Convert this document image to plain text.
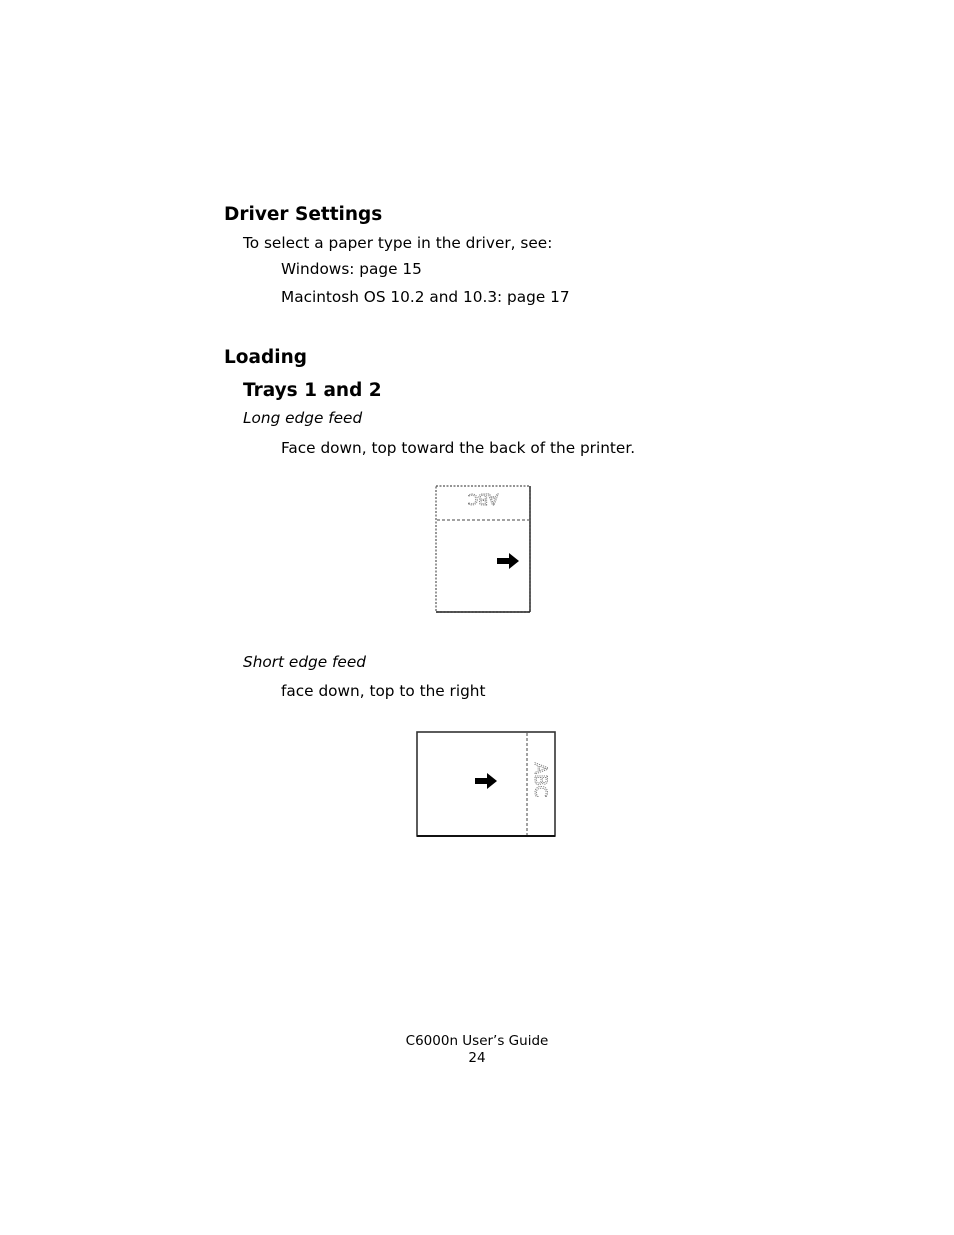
Driver Settings
To select a paper type in the driver, see:
Windows: page 15
Macintosh OS 10.2 and 10.3: page 17
Loading
Trays 1 and 2
Long edge feed
Face down, top toward the back of the printer.
ABC
Short edge feed
face down, top to the right
ABC
C6000n User’s Guide
24
